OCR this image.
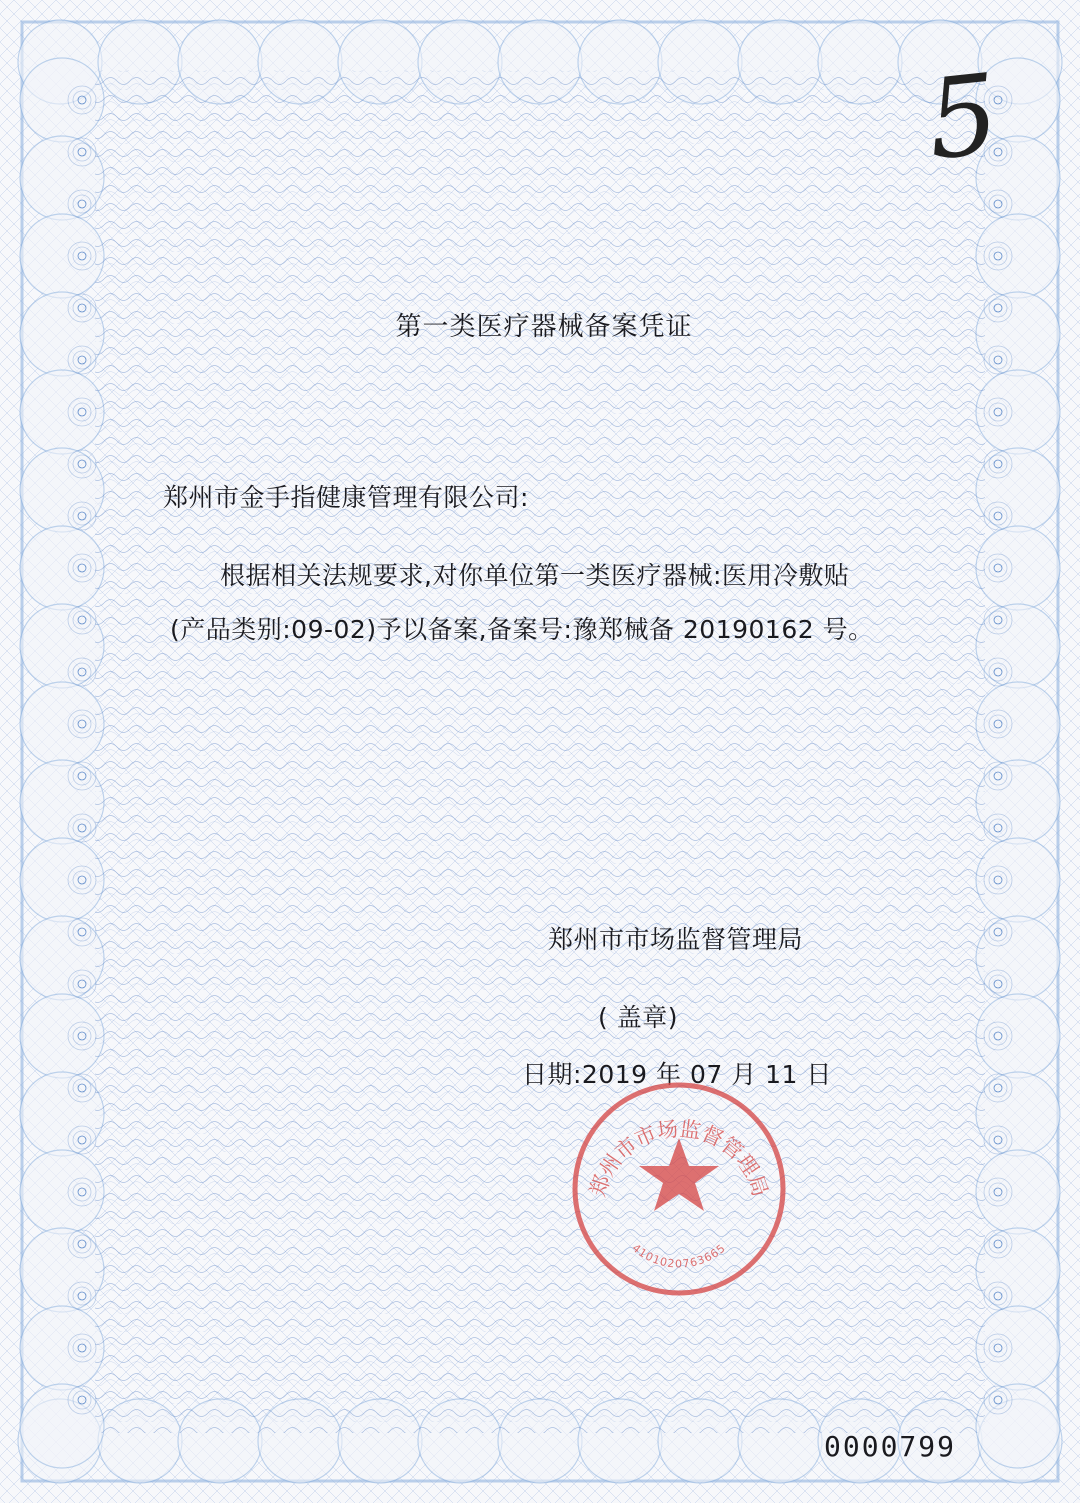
5
第一类医疗器械备案凭证
郑州市金手指健康管理有限公司:
根据相关法规要求,对你单位第一类医疗器械:医用冷敷贴
(产品类别:09-02)予以备案,备案号:豫郑械备 20190162 号。
郑州市市场监督管理局
( 盖章)
日期:2019 年 07 月 11 日
0000799
郑州市市场监督管理局
4101020763665
